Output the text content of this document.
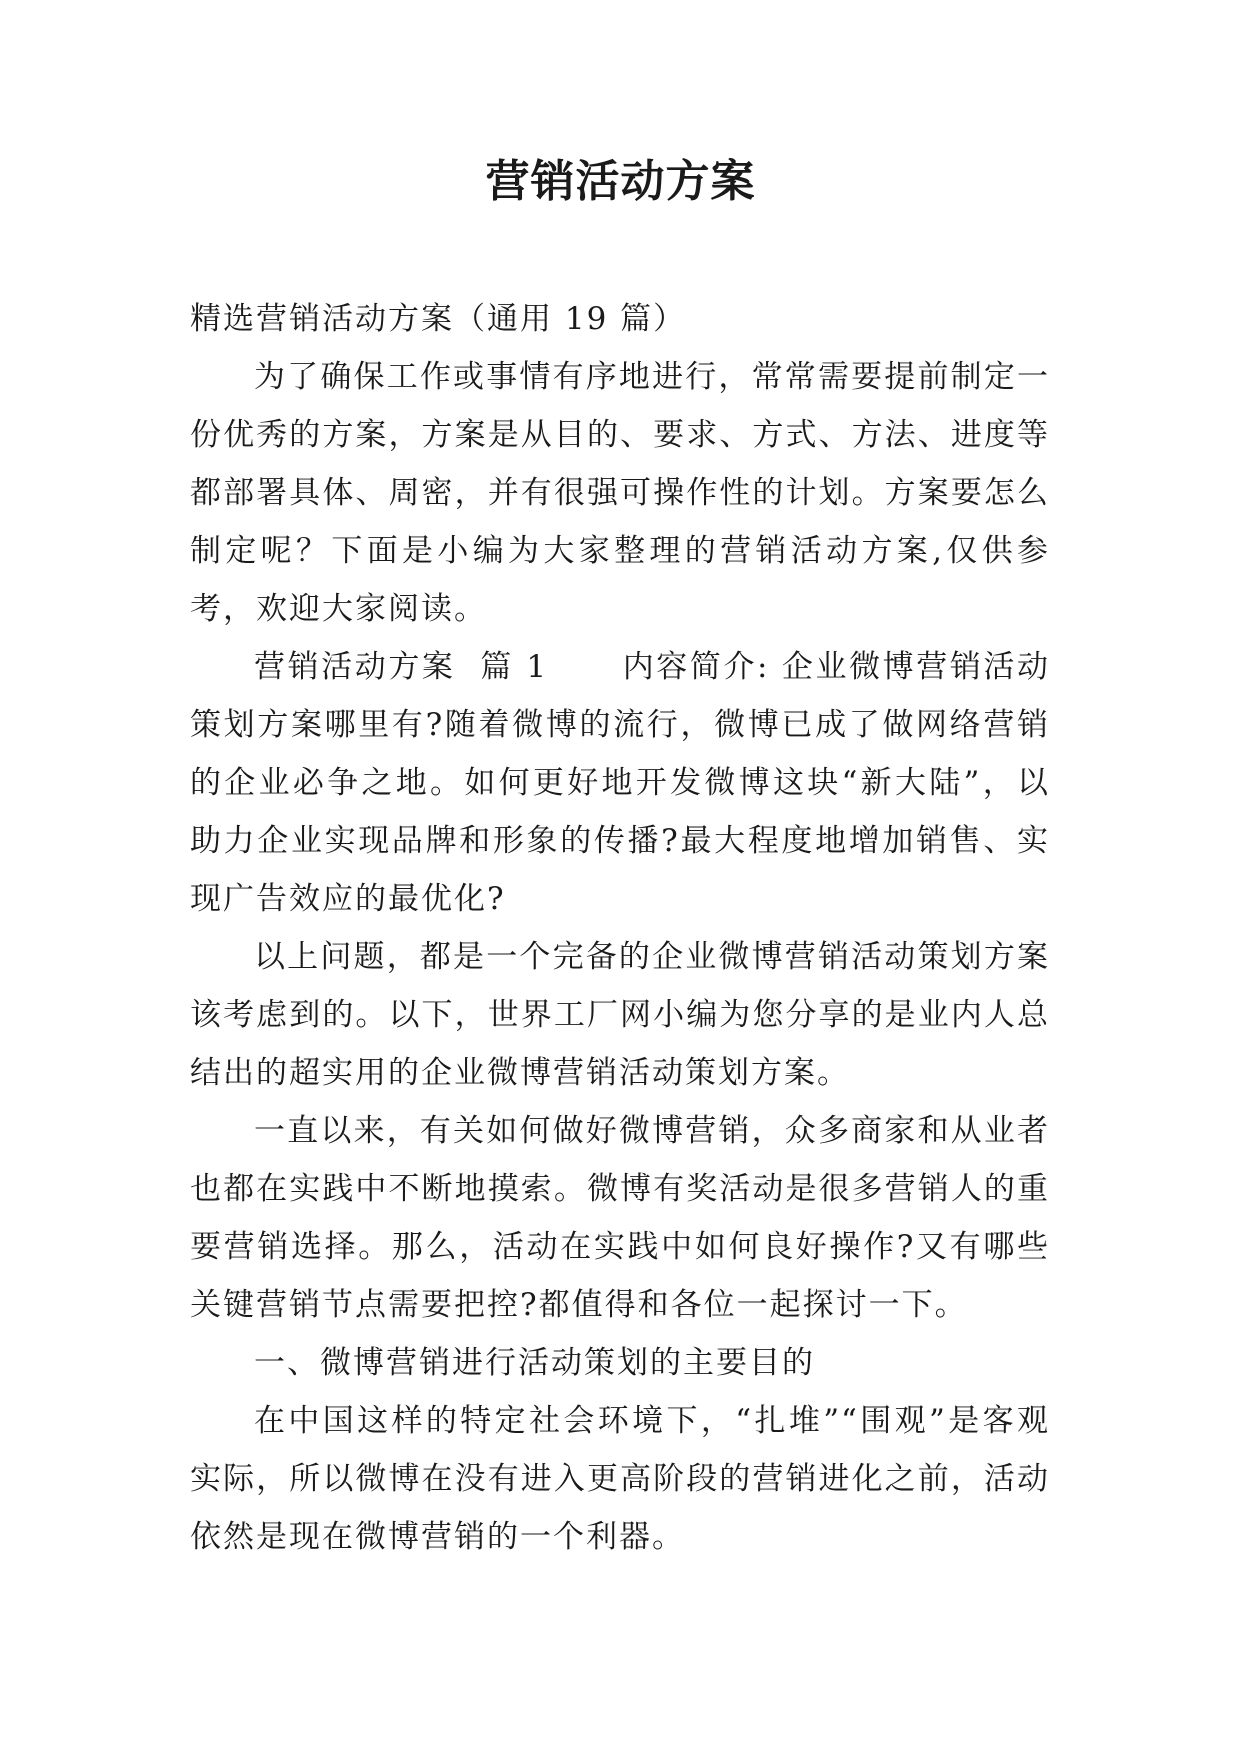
营销活动方案

精选营销活动方案（通用 19 篇）

为了确保工作或事情有序地进行，常常需要提前制定一份优秀的方案，方案是从目的、要求、方式、方法、进度等都部署具体、周密，并有很强可操作性的计划。方案要怎么制定呢？下面是小编为大家整理的营销活动方案,仅供参考，欢迎大家阅读。

营销活动方案  篇 1      内容简介: 企业微博营销活动策划方案哪里有?随着微博的流行，微博已成了做网络营销的企业必争之地。如何更好地开发微博这块“新大陆”，以助力企业实现品牌和形象的传播?最大程度地增加销售、实现广告效应的最优化?

以上问题，都是一个完备的企业微博营销活动策划方案该考虑到的。以下，世界工厂网小编为您分享的是业内人总结出的超实用的企业微博营销活动策划方案。

一直以来，有关如何做好微博营销，众多商家和从业者也都在实践中不断地摸索。微博有奖活动是很多营销人的重要营销选择。那么，活动在实践中如何良好操作?又有哪些关键营销节点需要把控?都值得和各位一起探讨一下。

一、微博营销进行活动策划的主要目的

在中国这样的特定社会环境下，“扎堆”“围观”是客观实际，所以微博在没有进入更高阶段的营销进化之前，活动依然是现在微博营销的一个利器。
